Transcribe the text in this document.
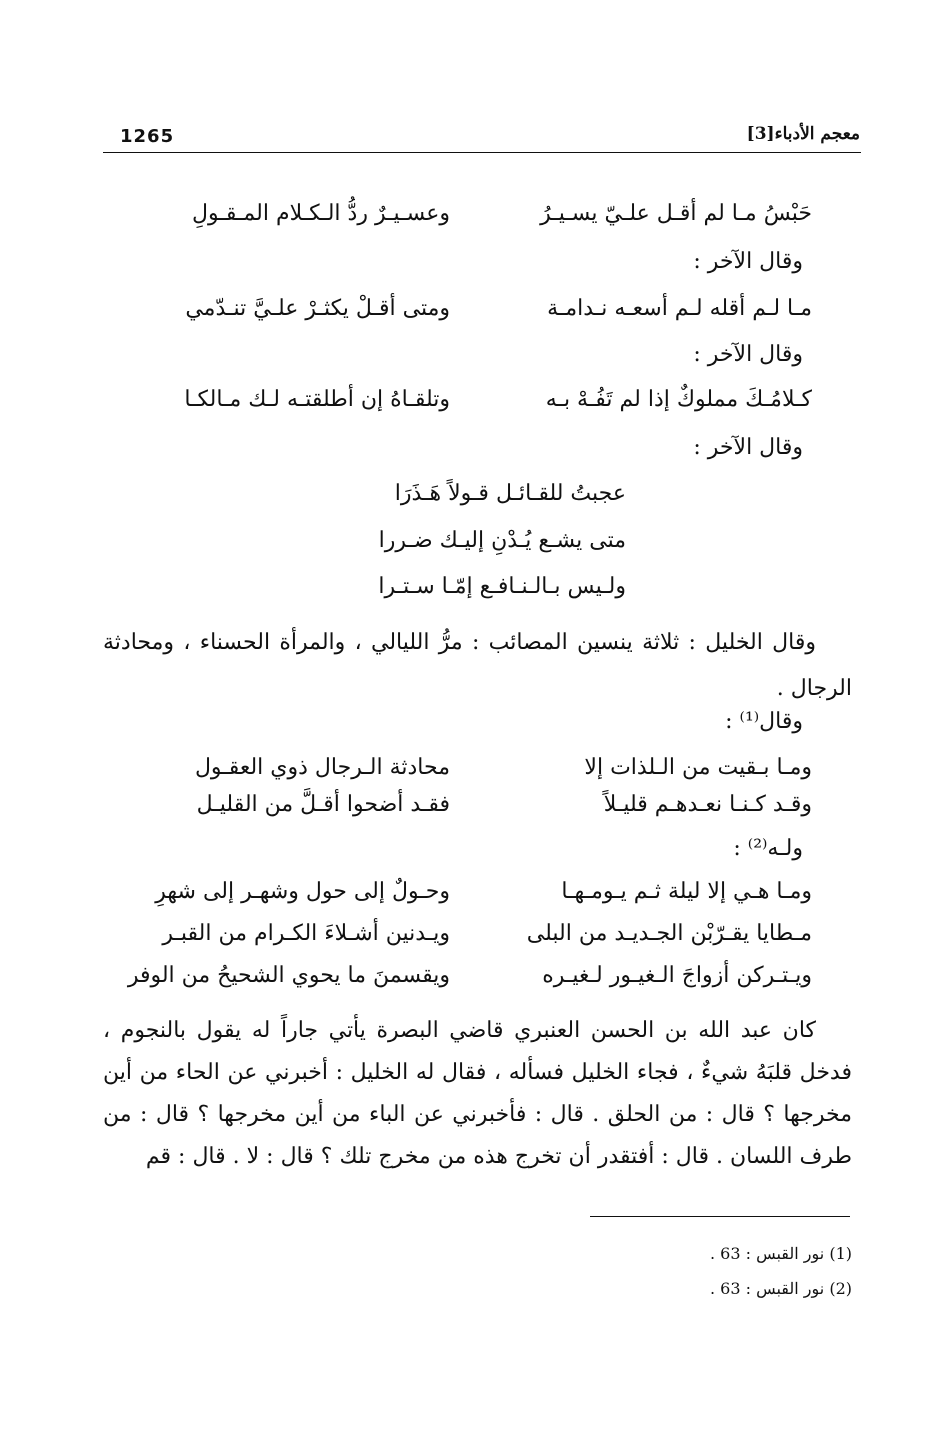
1265	معجم الأدباء[3]
حَبْسُ مـا لم أقـل علـيّ يسـيـرُ
وعسـيـرٌ ردُّ الـكـلام المـقـولِ
وقال الآخر :
مـا لـم أقله لـم أسعـه نـدامـة
ومتى أقـلْ يكثـرْ علـيَّ تنـدّمي
وقال الآخر :
كـلامُـكَ مملوكٌ إذا لم تَفُـهْ بـه
وتلقـاهُ إن أطلقتـه لـك مـالكـا
وقال الآخر :
عجبتُ للقـائـل قـولاً هَـذَرَا
متى يشـع يُـدْنِ إليـك ضـررا
ولـيس بـالـنـافـع إمّـا سـتـرا
وقال الخليل : ثلاثة ينسين المصائب : مرُّ الليالي ، والمرأة الحسناء ، ومحادثة الرجال .
وقال⁽¹⁾ :
ومـا بـقيت من الـلذات إلا
محادثة الـرجال ذوي العقـول
وقـد كـنـا نعـدهـم قليـلاً
فقـد أضحوا أقـلَّ من القليـل
ولـه⁽²⁾ :
ومـا هـي إلا ليلة ثـم يـومـهـا
وحـولٌ إلى حول وشهـر إلى شهرِ
مـطايا يقـرّبْن الجـديـد من البلى
ويـدنين أشـلاءَ الكـرام من القبـر
ويـتـركن أزواجَ الـغيـور لـغيـره
ويقسمنَ ما يحوي الشحيحُ من الوفر
كان عبد الله بن الحسن العنبري قاضي البصرة يأتي جاراً له يقول بالنجوم ، فدخل قلبَهُ شيءٌ ، فجاء الخليل فسأله ، فقال له الخليل : أخبرني عن الحاء من أين مخرجها ؟ قال : من الحلق . قال : فأخبرني عن الباء من أين مخرجها ؟ قال : من طرف اللسان . قال : أفتقدر أن تخرج هذه من مخرج تلك ؟ قال : لا . قال : قم
(1) نور القبس : 63 .
(2) نور القبس : 63 .
